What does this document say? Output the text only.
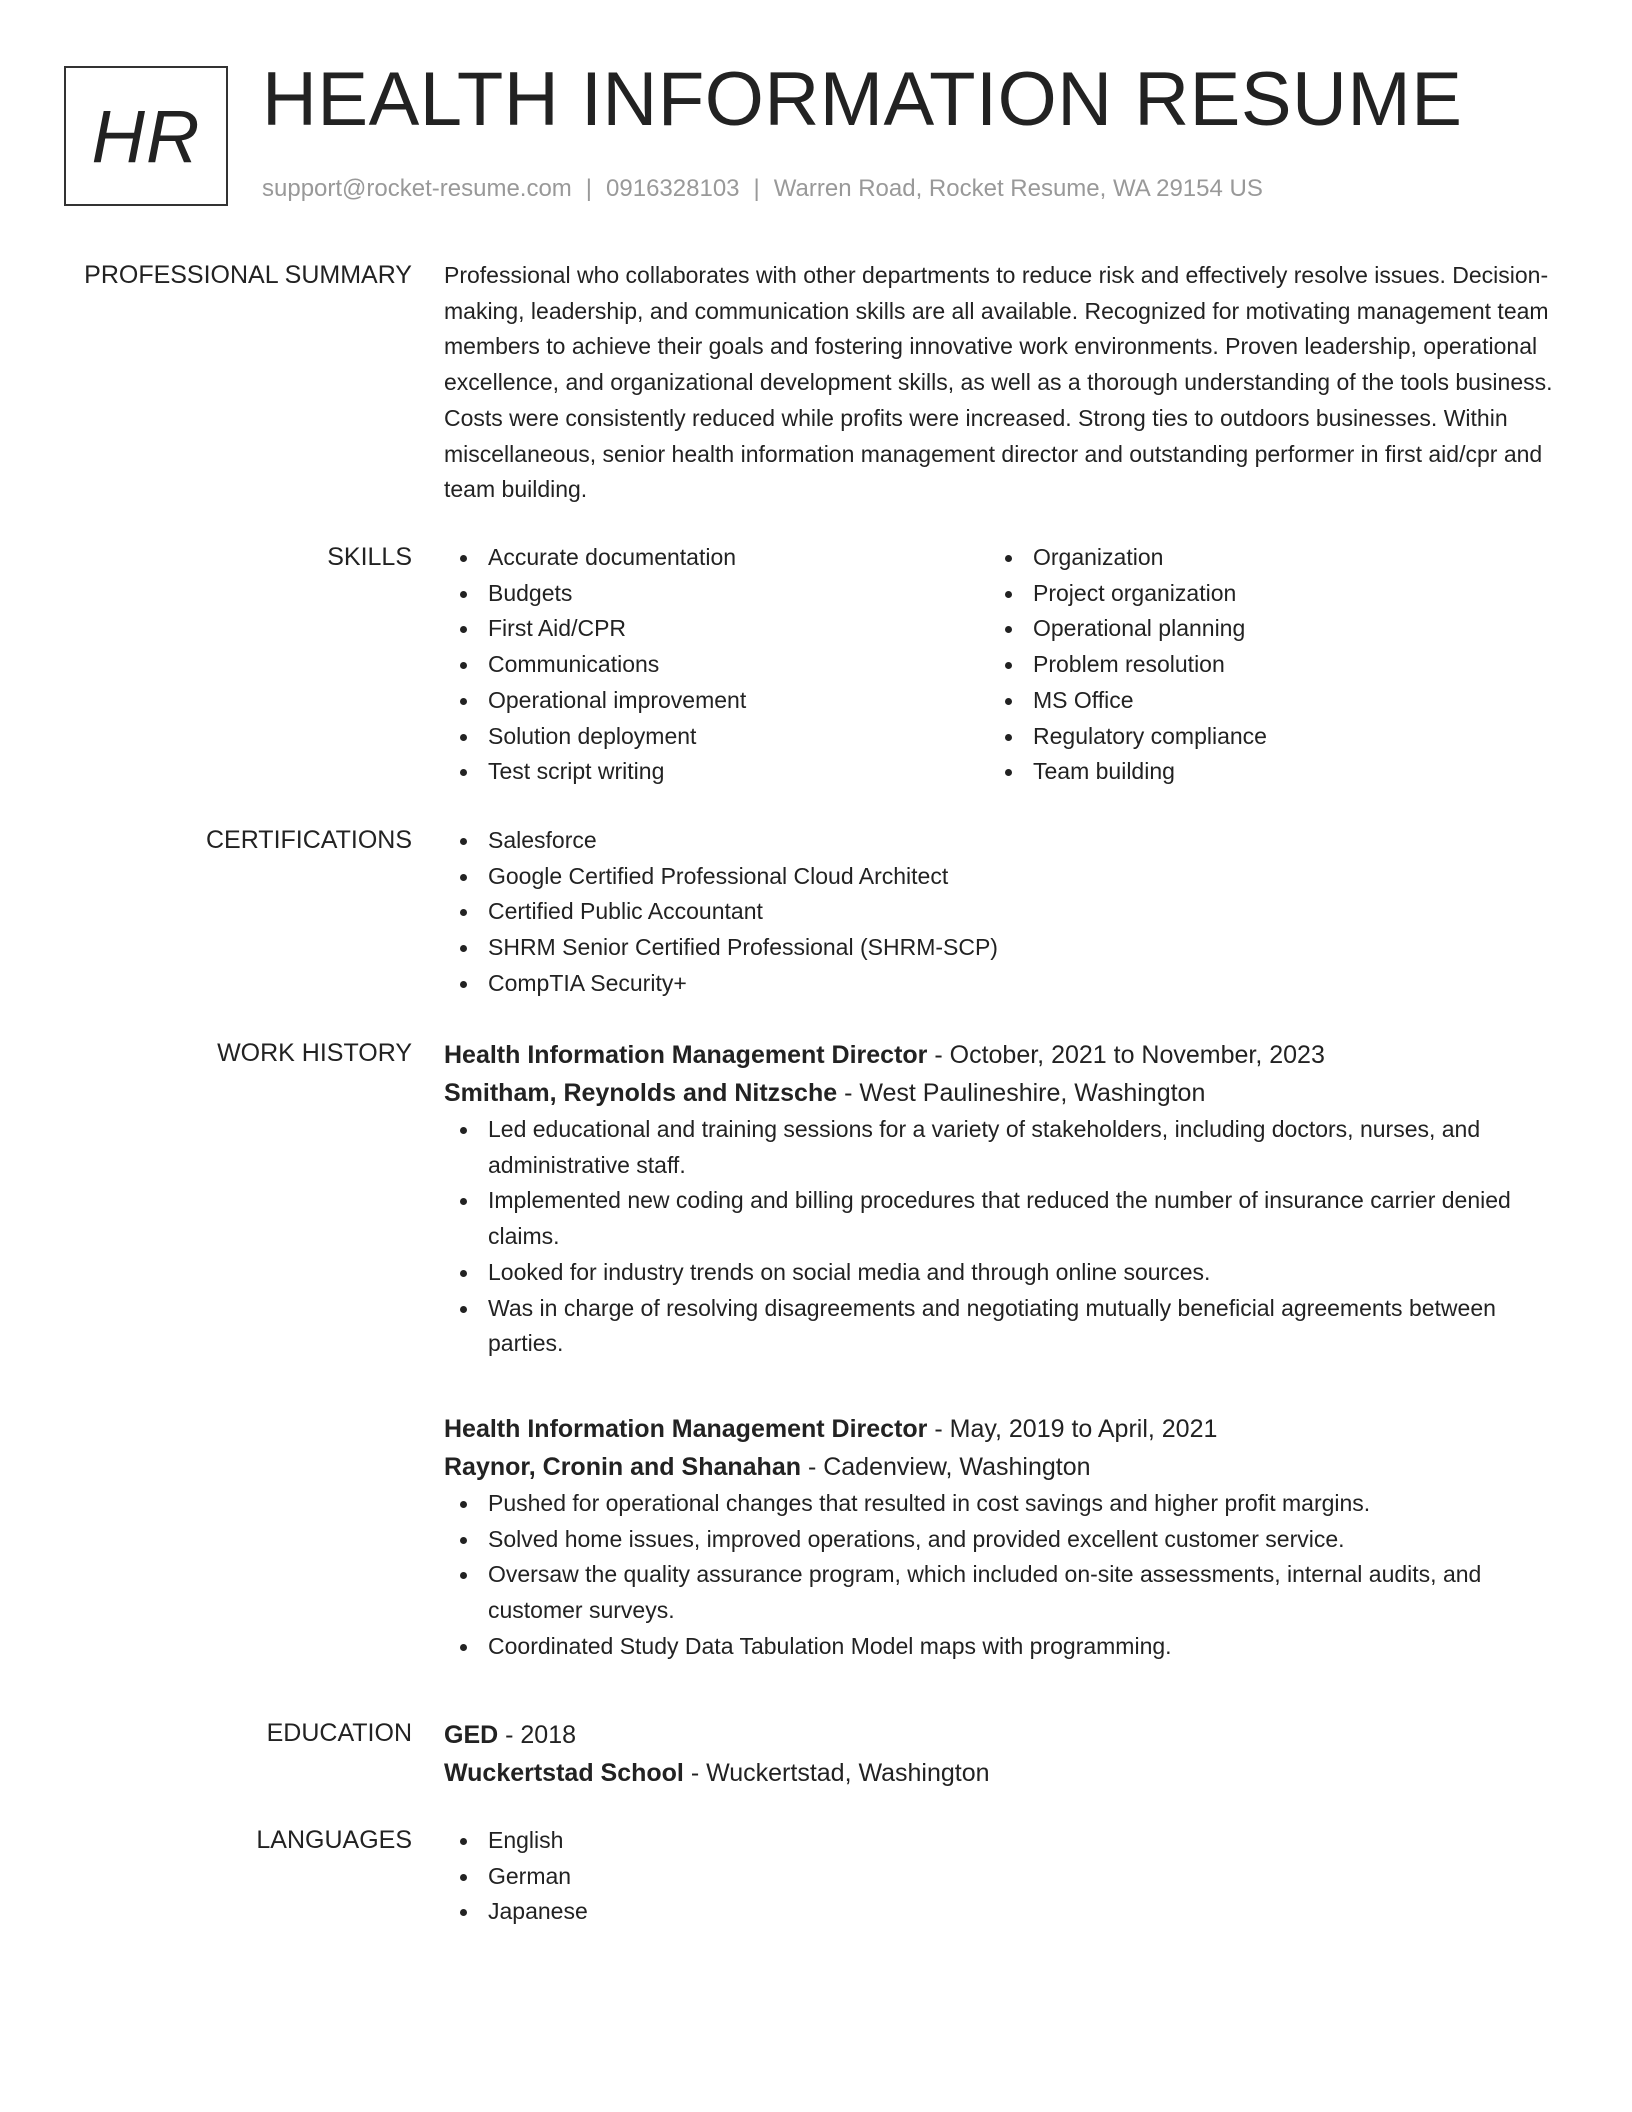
HR HEALTH INFORMATION RESUME
support@rocket-resume.com | 0916328103 | Warren Road, Rocket Resume, WA 29154 US
PROFESSIONAL SUMMARY Professional who collaborates with other departments to reduce risk and effectively resolve issues. Decision-making, leadership, and communication skills are all available. Recognized for motivating management team members to achieve their goals and fostering innovative work environments. Proven leadership, operational excellence, and organizational development skills, as well as a thorough understanding of the tools business. Costs were consistently reduced while profits were increased. Strong ties to outdoors businesses. Within miscellaneous, senior health information management director and outstanding performer in first aid/cpr and team building.

SKILLS	Accurate documentation
Budgets
First Aid/CPR
Communications
Operational improvement
Solution deployment
Test script writing
Organization
Project organization
Operational planning
Problem resolution
MS Office
Regulatory compliance
Team building
CERTIFICATIONS	Salesforce
Google Certified Professional Cloud Architect
Certified Public Accountant
SHRM Senior Certified Professional (SHRM-SCP)
CompTIA Security+
WORK HISTORY Health Information Management Director - October, 2021 to November, 2023
Smitham, Reynolds and Nitzsche - West Paulineshire, Washington
Led educational and training sessions for a variety of stakeholders, including doctors, nurses, and administrative staff.
Implemented new coding and billing procedures that reduced the number of insurance carrier denied claims.
Looked for industry trends on social media and through online sources.
Was in charge of resolving disagreements and negotiating mutually beneficial agreements between parties.
Health Information Management Director - May, 2019 to April, 2021
Raynor, Cronin and Shanahan - Cadenview, Washington
Pushed for operational changes that resulted in cost savings and higher profit margins.
Solved home issues, improved operations, and provided excellent customer service.
Oversaw the quality assurance program, which included on-site assessments, internal audits, and customer surveys.
Coordinated Study Data Tabulation Model maps with programming.
EDUCATION GED - 2018
Wuckertstad School - Wuckertstad, Washington
LANGUAGES	English
German
Japanese
